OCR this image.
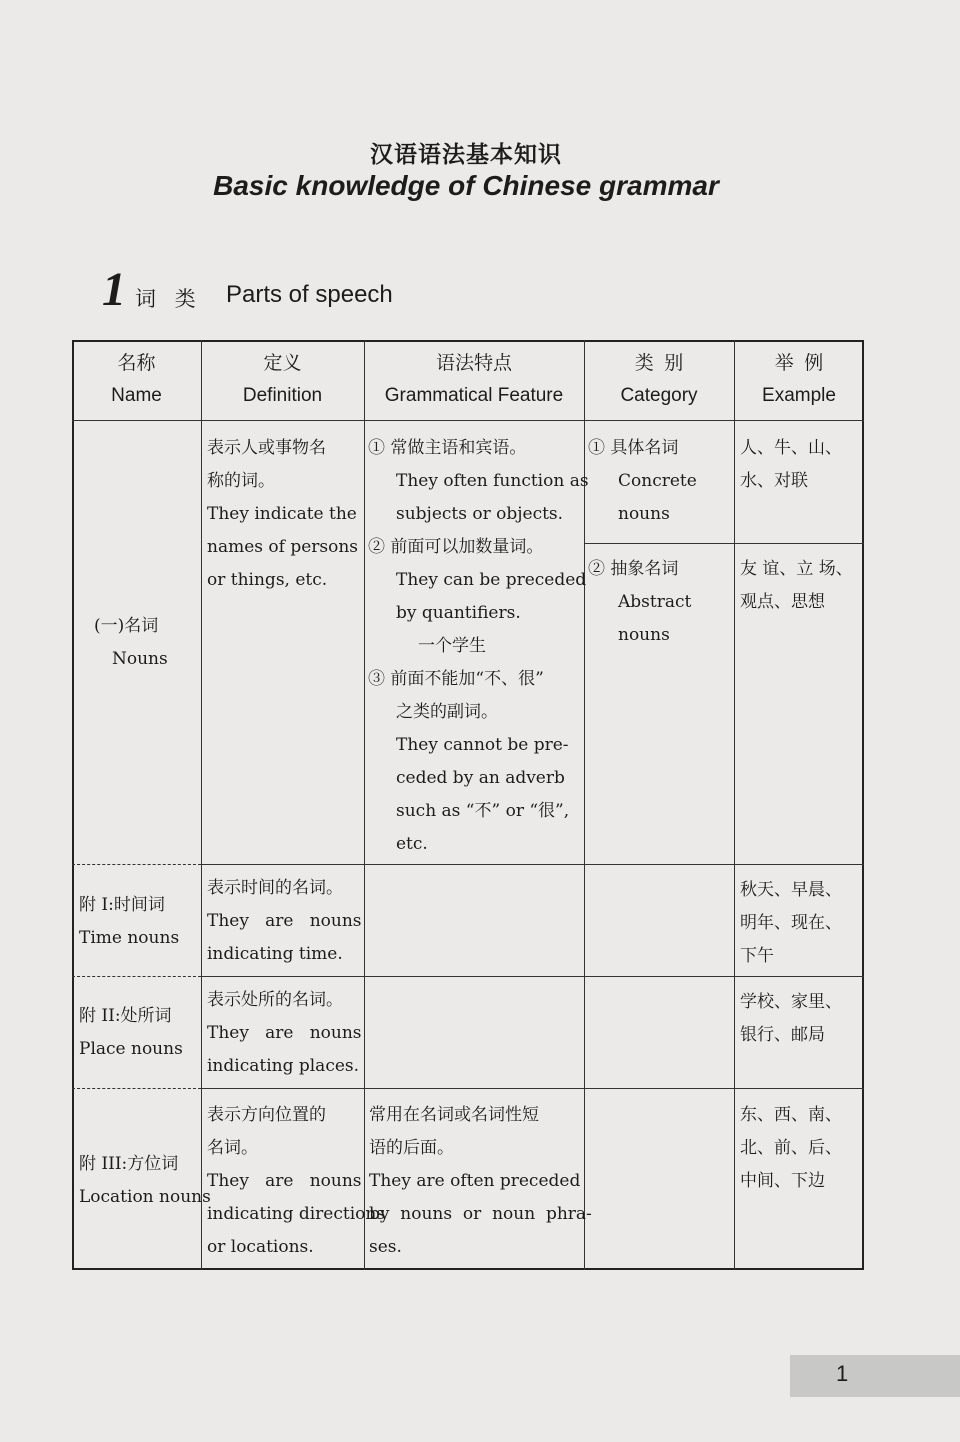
汉语语法基本知识
Basic knowledge of Chinese grammar
1 词 类 Parts of speech
名称
Name
定义
Definition
语法特点
Grammatical Feature
类  别
Category
举  例
Example
(一)名词
Nouns
表示人或事物名
称的词。
They indicate the
names of persons
or things, etc.
① 常做主语和宾语。
They often function as
subjects or objects.
② 前面可以加数量词。
They can be preceded
by quantifiers.
一个学生
③ 前面不能加“不、很”
之类的副词。
They cannot be pre-
ceded by an adverb
such as “不” or “很”,
etc.
① 具体名词
Concrete
nouns
人、牛、山、
水、对联
② 抽象名词
Abstract
nouns
友 谊、立 场、
观点、思想
附 I:时间词
Time nouns
表示时间的名词。
They   are   nouns
indicating time.
秋天、早晨、
明年、现在、
下午
附 II:处所词
Place nouns
表示处所的名词。
They   are   nouns
indicating places.
学校、家里、
银行、邮局
附 III:方位词
Location nouns
表示方向位置的
名词。
They   are   nouns
indicating directions
or locations.
常用在名词或名词性短
语的后面。
They are often preceded
by  nouns  or  noun  phra-
ses.
东、西、南、
北、前、后、
中间、下边
1
